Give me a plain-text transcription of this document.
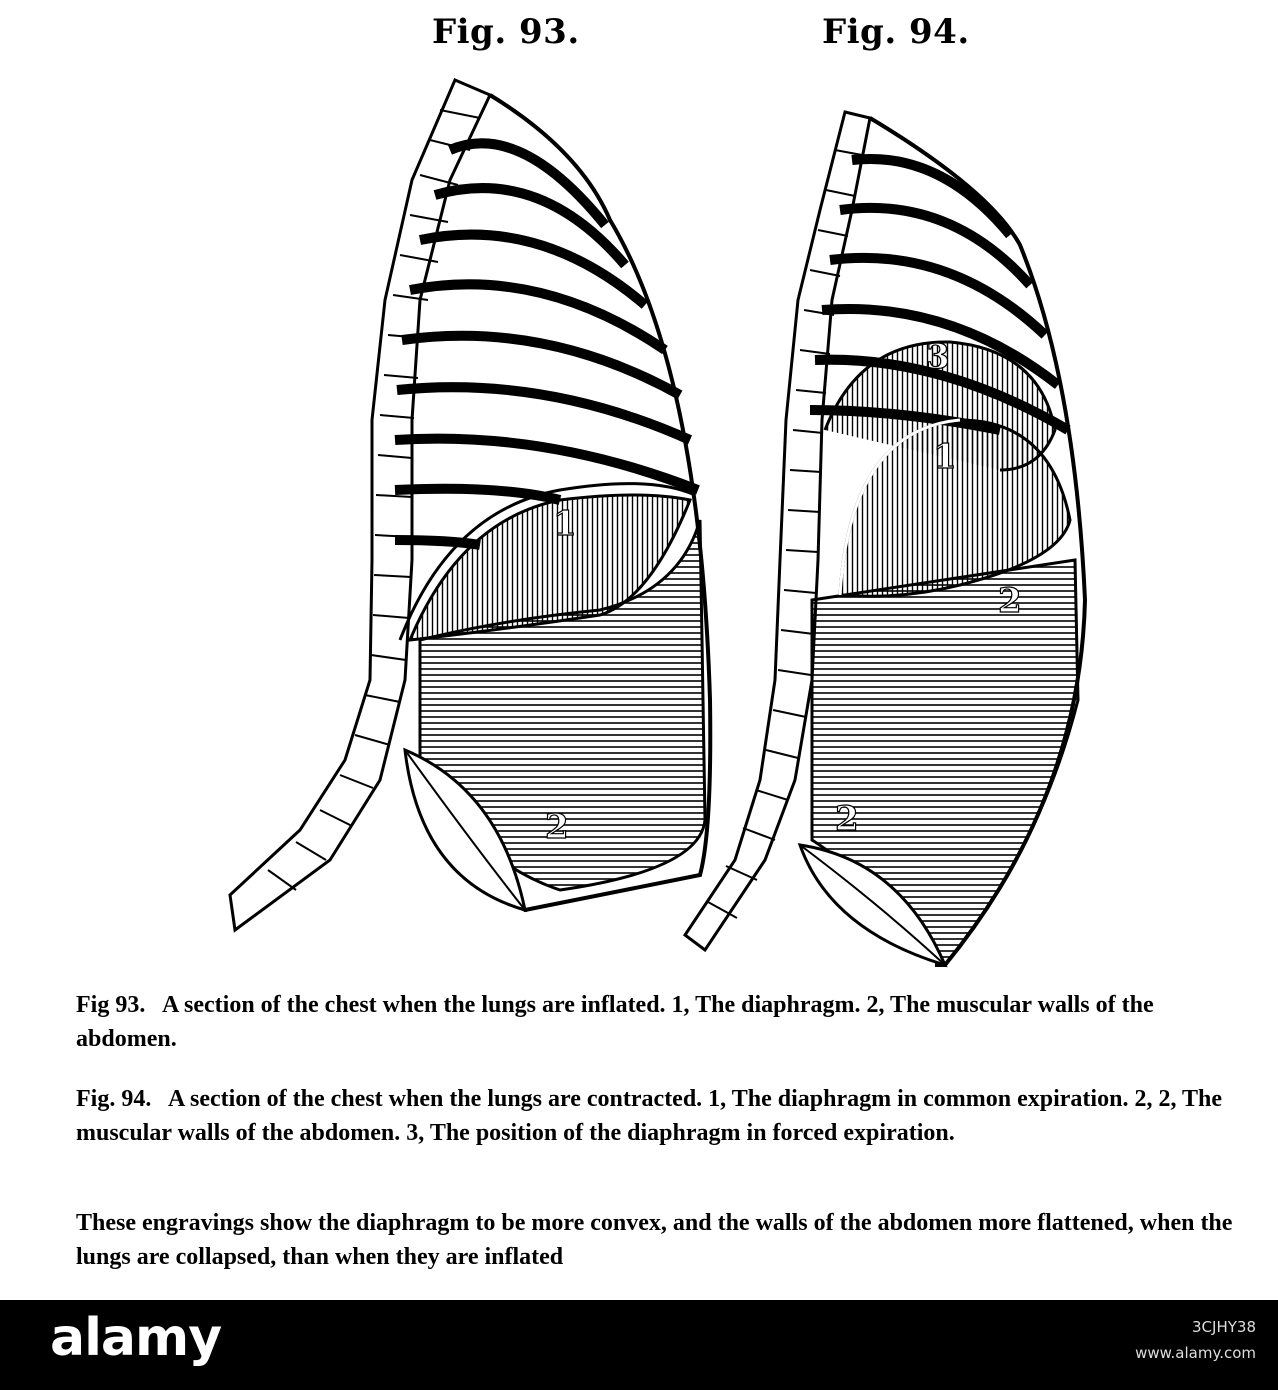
Fig. 93.	Fig. 94.
1
2
3
1
2
2
Fig 93. A section of the chest when the lungs are inflated. 1, The diaphragm. 2, The muscular walls of the abdomen.
Fig. 94. A section of the chest when the lungs are contracted. 1, The diaphragm in common expiration. 2, 2, The muscular walls of the abdomen. 3, The position of the diaphragm in forced expiration.
These engravings show the diaphragm to be more convex, and the walls of the abdomen more flattened, when the lungs are collapsed, than when they are inflated
alamy	3CJHY38
www.alamy.com
